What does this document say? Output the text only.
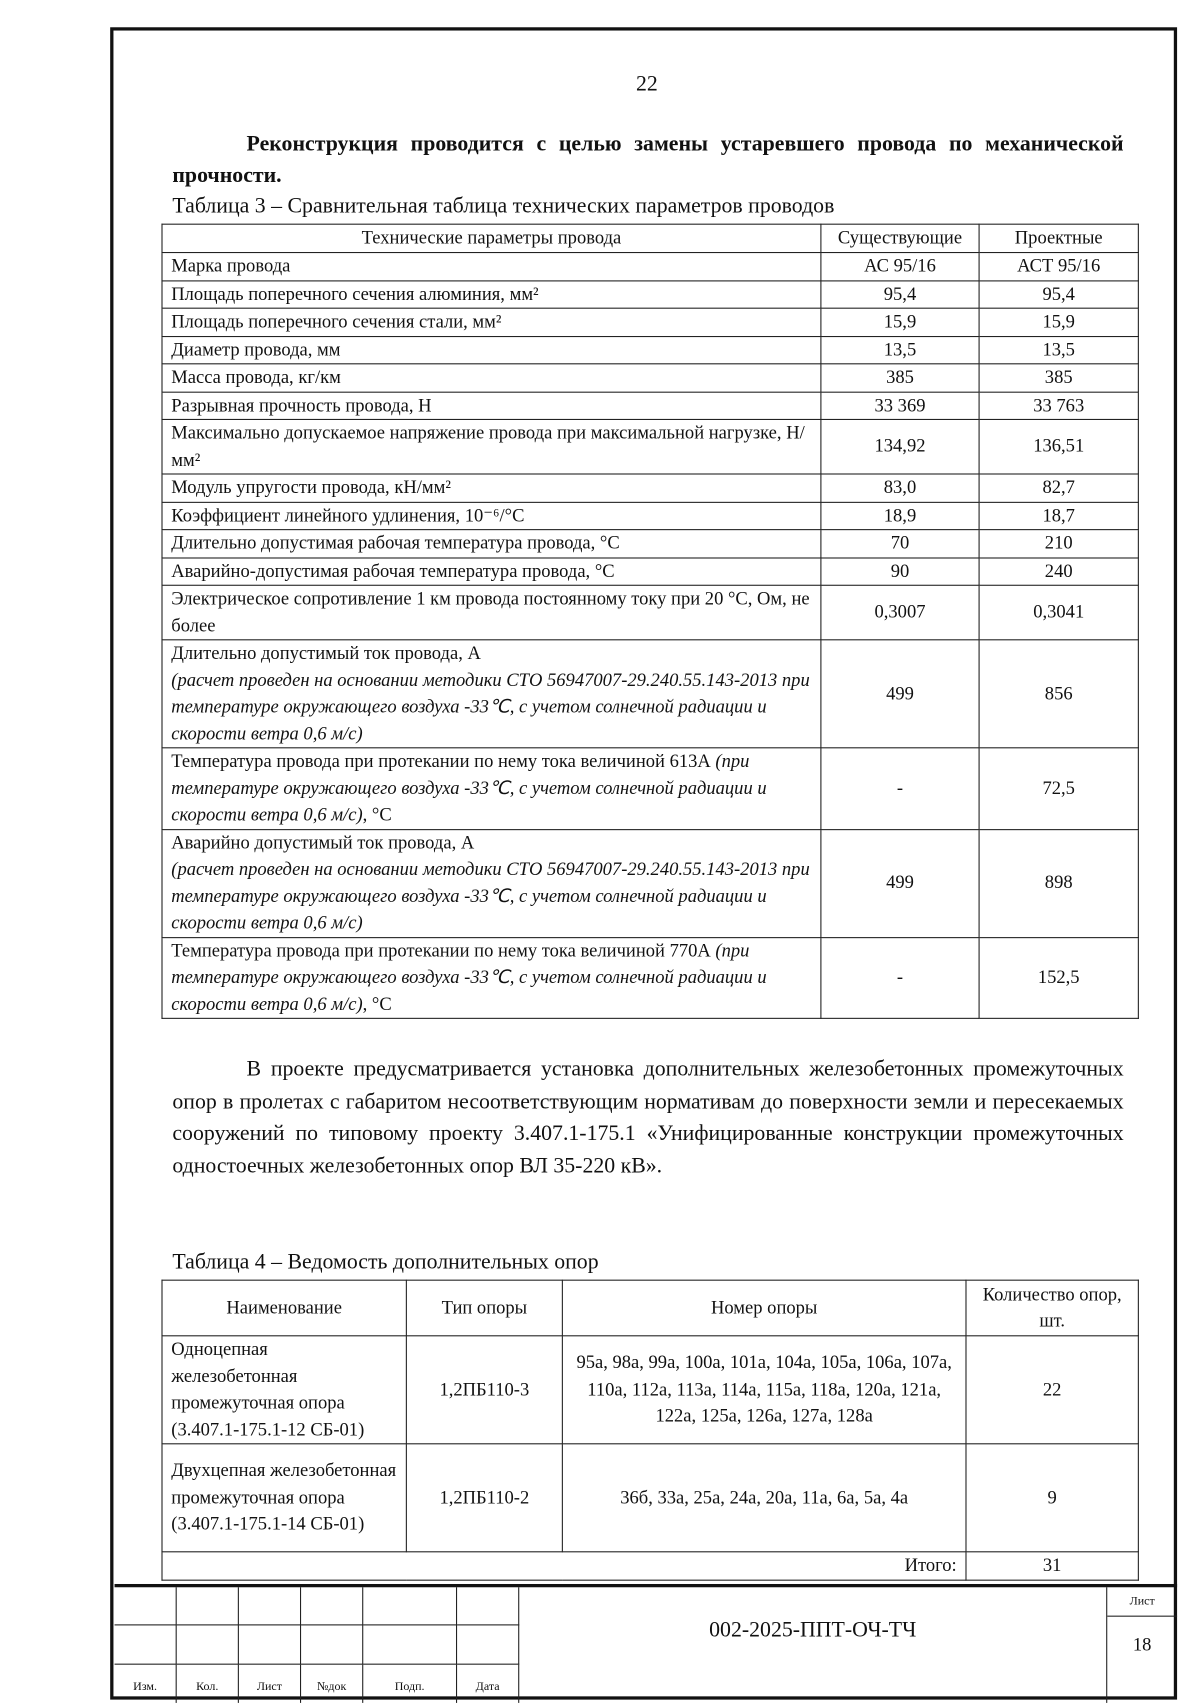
22
Реконструкция проводится с целью замены устаревшего провода по механической прочности.
Таблица 3 – Сравнительная таблица технических параметров проводов
Технические параметры провода	Существующие	Проектные
Марка провода	АС 95/16	АСТ 95/16
Площадь поперечного сечения алюминия, мм²	95,4	95,4
Площадь поперечного сечения стали, мм²	15,9	15,9
Диаметр провода, мм	13,5	13,5
Масса провода, кг/км	385	385
Разрывная прочность провода, Н	33 369	33 763
Максимально допускаемое напряжение провода при максимальной нагрузке, Н/мм²	134,92	136,51
Модуль упругости провода, кН/мм²	83,0	82,7
Коэффициент линейного удлинения, 10⁻⁶/°С	18,9	18,7
Длительно допустимая рабочая температура провода, °С	70	210
Аварийно-допустимая рабочая температура провода, °С	90	240
Электрическое сопротивление 1 км провода постоянному току при 20 °С, Ом, не более	0,3007	0,3041
Длительно допустимый ток провода, А
(расчет проведен на основании методики СТО 56947007-29.240.55.143-2013 при температуре окружающего воздуха -33℃, с учетом солнечной радиации и скорости ветра 0,6 м/с)	499	856
Температура провода при протекании по нему тока величиной 613А (при температуре окружающего воздуха -33℃, с учетом солнечной радиации и скорости ветра 0,6 м/с), °С	-	72,5
Аварийно допустимый ток провода, А
(расчет проведен на основании методики СТО 56947007-29.240.55.143-2013 при температуре окружающего воздуха -33℃, с учетом солнечной радиации и скорости ветра 0,6 м/с)	499	898
Температура провода при протекании по нему тока величиной 770А (при температуре окружающего воздуха -33℃, с учетом солнечной радиации и скорости ветра 0,6 м/с), °С	-	152,5
В проекте предусматривается установка дополнительных железобетонных промежуточных опор в пролетах с габаритом несоответствующим нормативам до поверхности земли и пересекаемых сооружений по типовому проекту 3.407.1-175.1 «Унифицированные конструкции промежуточных одностоечных железобетонных опор ВЛ 35-220 кВ».
Таблица 4 – Ведомость дополнительных опор
Наименование	Тип опоры	Номер опоры	Количество опор, шт.
Одноцепная железобетонная промежуточная опора (3.407.1-175.1-12 СБ-01)	1,2ПБ110-3	95а, 98а, 99а, 100а, 101а, 104а, 105а, 106а, 107а, 110а, 112а, 113а, 114а, 115а, 118а, 120а, 121а, 122а, 125а, 126а, 127а, 128а	22
Двухцепная железобетонная промежуточная опора (3.407.1-175.1-14 СБ-01)	1,2ПБ110-2	36б, 33а, 25а, 24а, 20а, 11а, 6а, 5а, 4а	9
Итого:			31
002-2025-ППТ-ОЧ-ТЧ
Лист
18
Изм.	Кол.	Лист	№док	Подп.	Дата
